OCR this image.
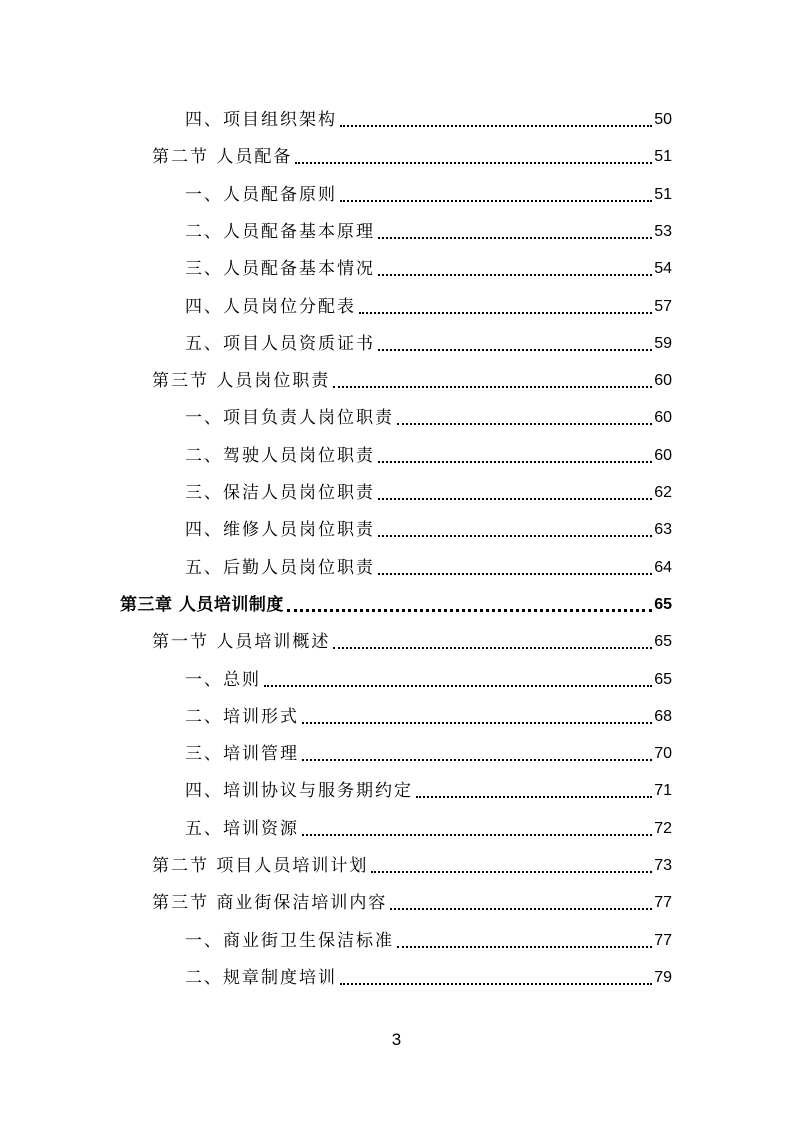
四、项目组织架构	50
第二节 人员配备	51
一、人员配备原则	51
二、人员配备基本原理	53
三、人员配备基本情况	54
四、人员岗位分配表	57
五、项目人员资质证书	59
第三节 人员岗位职责	60
一、项目负责人岗位职责	60
二、驾驶人员岗位职责	60
三、保洁人员岗位职责	62
四、维修人员岗位职责	63
五、后勤人员岗位职责	64
第三章 人员培训制度	65
第一节 人员培训概述	65
一、总则	65
二、培训形式	68
三、培训管理	70
四、培训协议与服务期约定	71
五、培训资源	72
第二节 项目人员培训计划	73
第三节 商业街保洁培训内容	77
一、商业街卫生保洁标准	77
二、规章制度培训	79
3
